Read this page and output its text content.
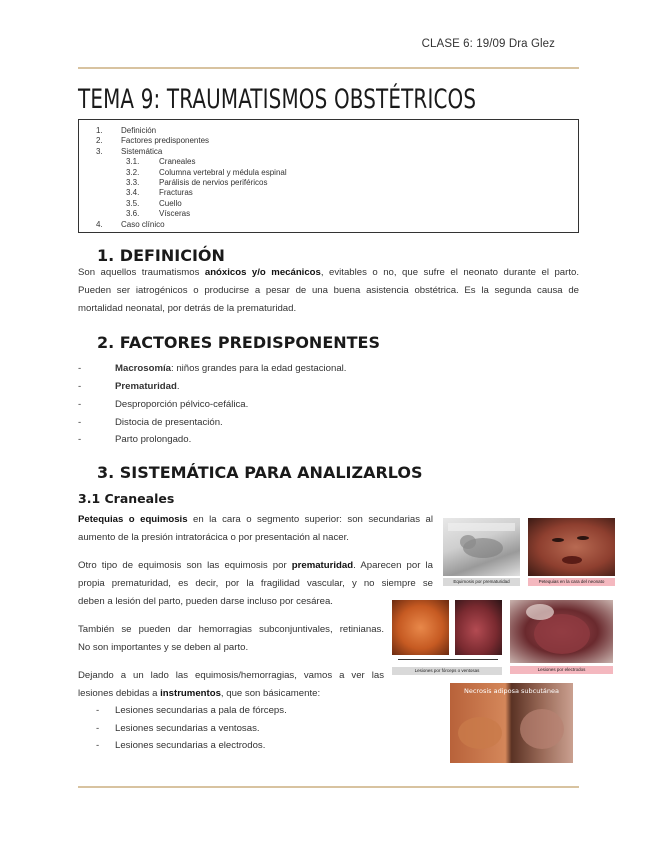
CLASE 6: 19/09 Dra Glez
TEMA 9: TRAUMATISMOS OBSTÉTRICOS
1. Definición
2. Factores predisponentes
3. Sistemática
3.1. Craneales
3.2. Columna vertebral y médula espinal
3.3. Parálisis de nervios periféricos
3.4. Fracturas
3.5. Cuello
3.6. Vísceras
4. Caso clínico
1. DEFINICIÓN
Son aquellos traumatismos anóxicos y/o mecánicos, evitables o no, que sufre el neonato durante el parto.
Pueden ser iatrogénicos o producirse a pesar de una buena asistencia obstétrica. Es la segunda causa de
mortalidad neonatal, por detrás de la prematuridad.
2. FACTORES PREDISPONENTES
-	Macrosomía: niños grandes para la edad gestacional.
-	Prematuridad.
-	Desproporción pélvico-cefálica.
-	Distocia de presentación.
-	Parto prolongado.
3. SISTEMÁTICA PARA ANALIZARLOS
3.1 Craneales
Petequias o equimosis en la cara o segmento superior: son secundarias al
aumento de la presión intratorácica o por presentación al nacer.
Otro tipo de equimosis son las equimosis por prematuridad. Aparecen por la
propia prematuridad, es decir, por la fragilidad vascular, y no siempre se
deben a lesión del parto, pueden darse incluso por cesárea.
También se pueden dar hemorragias subconjuntivales, retinianas.
No son importantes y se deben al parto.
Dejando a un lado las equimosis/hemorragias, vamos a ver las
lesiones debidas a instrumentos, que son básicamente:
- Lesiones secundarias a pala de fórceps.
- Lesiones secundarias a ventosas.
- Lesiones secundarias a electrodos.
Equimosis por prematuridad	Petequias en la cara del neonato
Lesiones por fórceps o ventosas	Lesiones por electrodos
Necrosis adiposa subcutánea
